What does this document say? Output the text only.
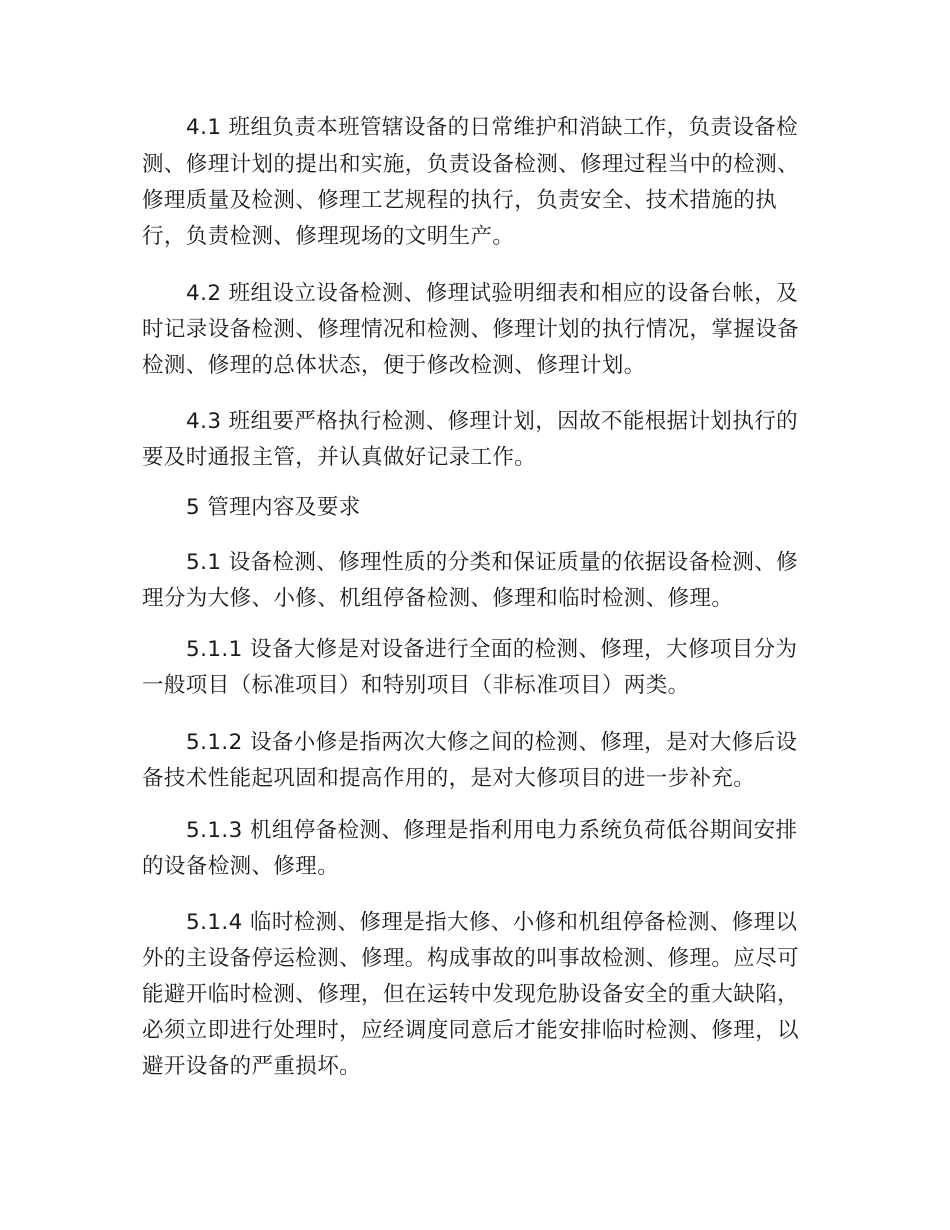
4.1 班组负责本班管辖设备的日常维护和消缺工作，负责设备检
测、修理计划的提出和实施，负责设备检测、修理过程当中的检测、
修理质量及检测、修理工艺规程的执行，负责安全、技术措施的执
行，负责检测、修理现场的文明生产。
4.2 班组设立设备检测、修理试验明细表和相应的设备台帐，及
时记录设备检测、修理情况和检测、修理计划的执行情况，掌握设备
检测、修理的总体状态，便于修改检测、修理计划。
4.3 班组要严格执行检测、修理计划，因故不能根据计划执行的
要及时通报主管，并认真做好记录工作。
5 管理内容及要求
5.1 设备检测、修理性质的分类和保证质量的依据设备检测、修
理分为大修、小修、机组停备检测、修理和临时检测、修理。
5.1.1 设备大修是对设备进行全面的检测、修理，大修项目分为
一般项目（标准项目）和特别项目（非标准项目）两类。
5.1.2 设备小修是指两次大修之间的检测、修理，是对大修后设
备技术性能起巩固和提高作用的，是对大修项目的进一步补充。
5.1.3 机组停备检测、修理是指利用电力系统负荷低谷期间安排
的设备检测、修理。
5.1.4 临时检测、修理是指大修、小修和机组停备检测、修理以
外的主设备停运检测、修理。构成事故的叫事故检测、修理。应尽可
能避开临时检测、修理，但在运转中发现危胁设备安全的重大缺陷，
必须立即进行处理时，应经调度同意后才能安排临时检测、修理，以
避开设备的严重损坏。
